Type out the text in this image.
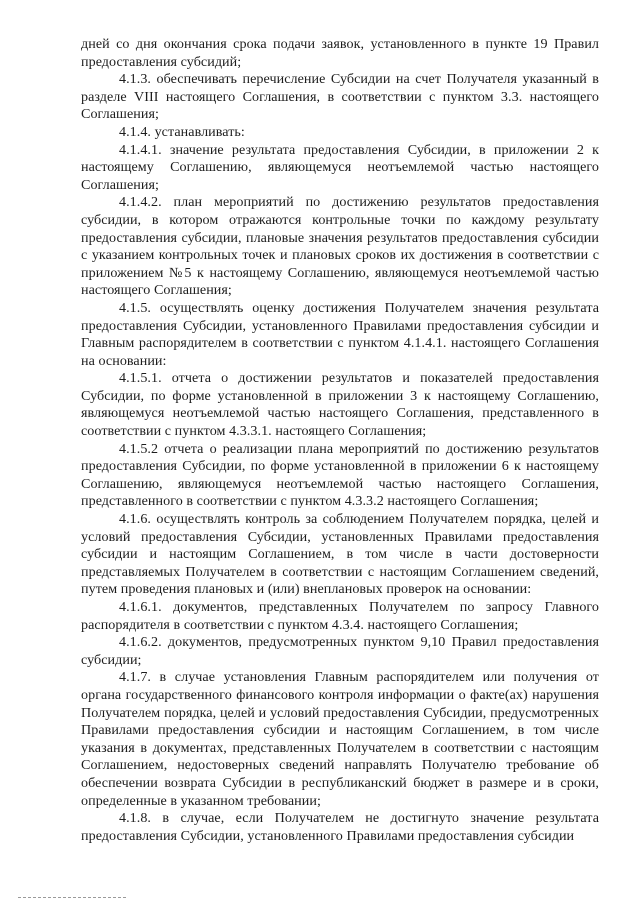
дней со дня окончания срока подачи заявок, установленного в пункте 19 Правил предоставления субсидий;

4.1.3. обеспечивать перечисление Субсидии на счет Получателя указанный в разделе VIII настоящего Соглашения, в соответствии с пунктом 3.3. настоящего Соглашения;

4.1.4. устанавливать:

4.1.4.1. значение результата предоставления Субсидии, в приложении 2 к настоящему Соглашению, являющемуся неотъемлемой частью настоящего Соглашения;

4.1.4.2. план мероприятий по достижению результатов предоставления субсидии, в котором отражаются контрольные точки по каждому результату предоставления субсидии, плановые значения результатов предоставления субсидии с указанием контрольных точек и плановых сроков их достижения в соответствии с приложением №5 к настоящему Соглашению, являющемуся неотъемлемой частью настоящего Соглашения;

4.1.5. осуществлять оценку достижения Получателем значения результата предоставления Субсидии, установленного Правилами предоставления субсидии и Главным распорядителем в соответствии с пунктом 4.1.4.1. настоящего Соглашения на основании:

4.1.5.1. отчета о достижении результатов и показателей предоставления Субсидии, по форме установленной в приложении 3 к настоящему Соглашению, являющемуся неотъемлемой частью настоящего Соглашения, представленного в соответствии с пунктом 4.3.3.1. настоящего Соглашения;

4.1.5.2 отчета о реализации плана мероприятий по достижению результатов предоставления Субсидии, по форме установленной в приложении 6 к настоящему Соглашению, являющемуся неотъемлемой частью настоящего Соглашения, представленного в соответствии с пунктом 4.3.3.2 настоящего Соглашения;

4.1.6. осуществлять контроль за соблюдением Получателем порядка, целей и условий предоставления Субсидии, установленных Правилами предоставления субсидии и настоящим Соглашением, в том числе в части достоверности представляемых Получателем в соответствии с настоящим Соглашением сведений, путем проведения плановых и (или) внеплановых проверок на основании:

4.1.6.1. документов, представленных Получателем по запросу Главного распорядителя в соответствии с пунктом 4.3.4. настоящего Соглашения;

4.1.6.2. документов, предусмотренных пунктом 9,10 Правил предоставления субсидии;

4.1.7. в случае установления Главным распорядителем или получения от органа государственного финансового контроля информации о факте(ах) нарушения Получателем порядка, целей и условий предоставления Субсидии, предусмотренных Правилами предоставления субсидии и настоящим Соглашением, в том числе указания в документах, представленных Получателем в соответствии с настоящим Соглашением, недостоверных сведений направлять Получателю требование об обеспечении возврата Субсидии в республиканский бюджет в размере и в сроки, определенные в указанном требовании;

4.1.8. в случае, если Получателем не достигнуто значение результата предоставления Субсидии, установленного Правилами предоставления субсидии
